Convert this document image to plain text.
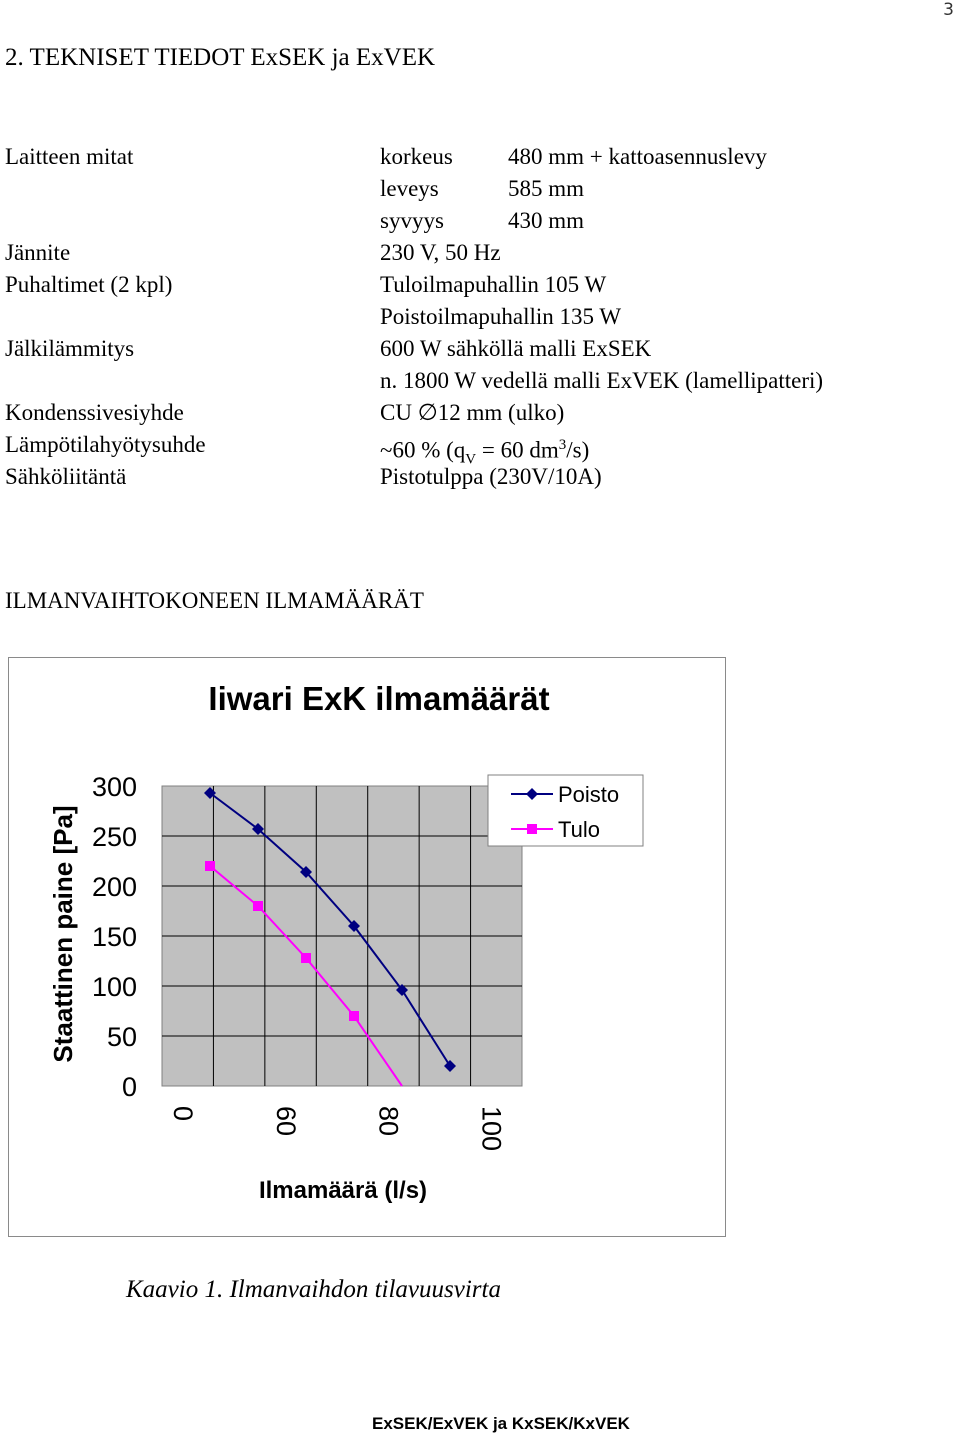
3
2. TEKNISET TIEDOT ExSEK ja ExVEK
Laitteen mitat	korkeus 480 mm + kattoasennuslevy
leveys	585 mm
syvyys	430 mm
Jännite	230 V, 50 Hz
Puhaltimet (2 kpl)	Tuloilmapuhallin 105 W
Poistoilmapuhallin 135 W
Jälkilämmitys	600 W sähköllä malli ExSEK
n. 1800 W vedellä malli ExVEK (lamellipatteri)
Kondenssivesiyhde	CU ∅12 mm (ulko)
Lämpötilahyötysuhde	~60 % ($q_V = 60$ $dm^3/s$)
Sähköliitäntä	Pistotulppa (230V/10A)
ILMANVAIHTOKONEEN ILMAMÄÄRÄT
Iiwari ExK ilmamäärät
Staattinen paine [Pa]
0
50
100
150
200
250
300
0	60	80	100
Ilmamäärä (l/s)
Poisto
Tulo
Kaavio 1. Ilmanvaihdon tilavuusvirta
ExSEK/ExVEK ja KxSEK/KxVEK
